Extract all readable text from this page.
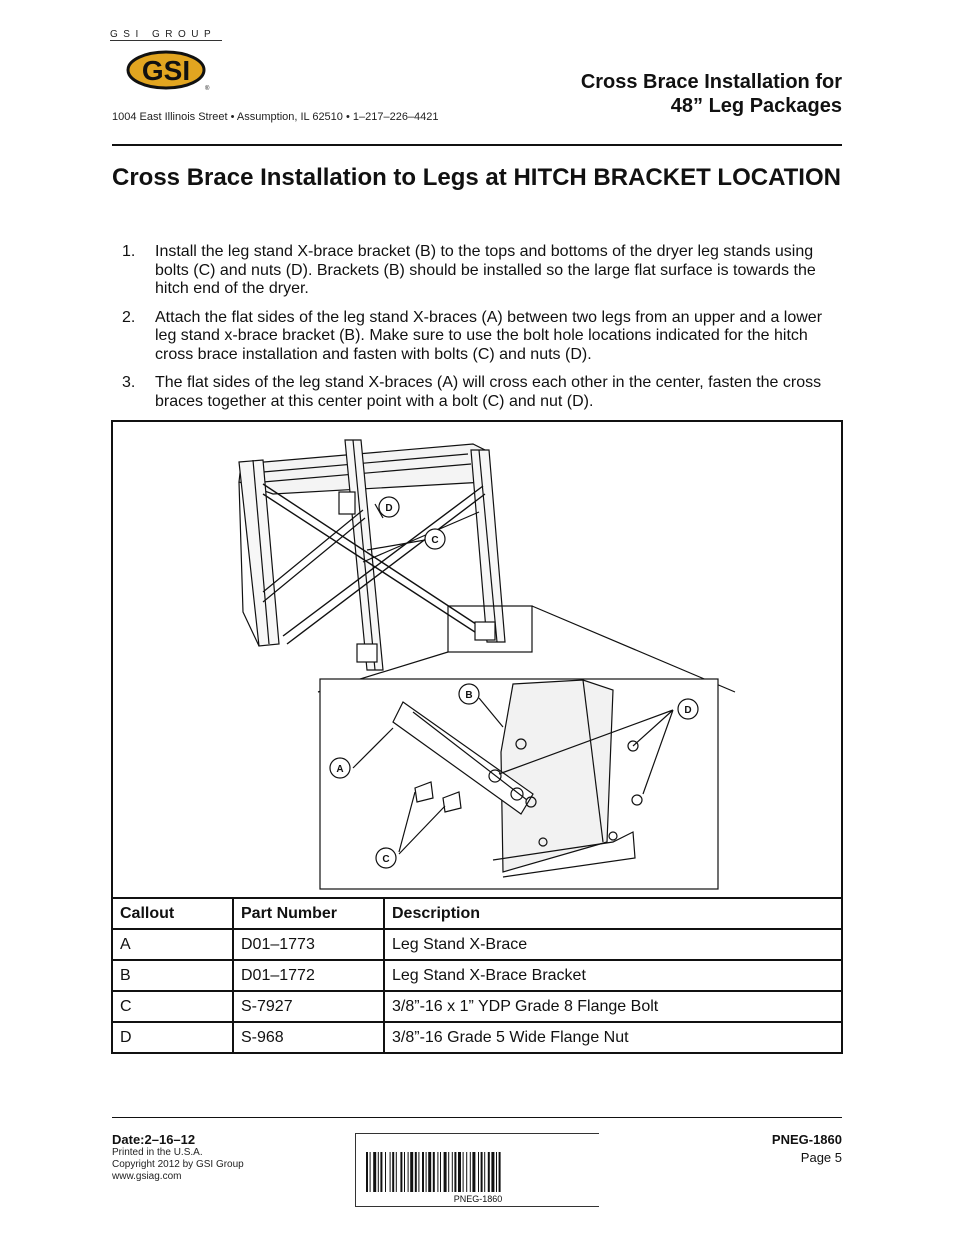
GSI GROUP
GSI
®
1004 East Illinois Street • Assumption, IL 62510 • 1–217–226–4421
Cross Brace Installation for
48” Leg Packages
Cross Brace Installation to Legs at HITCH BRACKET LOCATION
1. Install the leg stand X-brace bracket (B) to the tops and bottoms of the dryer leg stands using bolts (C) and nuts (D). Brackets (B) should be installed so the large flat surface is towards the hitch end of the dryer.
2. Attach the flat sides of the leg stand X-braces (A) between two legs from an upper and a lower leg stand x-brace bracket (B). Make sure to use the bolt hole locations indicated for the hitch cross brace installation and fasten with bolts (C) and nuts (D).
3. The flat sides of the leg stand X-braces (A) will cross each other in the center, fasten the cross braces together at this center point with a bolt (C) and nut (D).
D
C
B
D
A
C
Callout	Part Number	Description
A	D01–1773	Leg Stand X-Brace
B	D01–1772	Leg Stand X-Brace Bracket
C	S-7927	3/8”-16 x 1” YDP Grade 8 Flange Bolt
D	S-968	3/8”-16 Grade 5 Wide Flange Nut
Date:2–16–12
Printed in the U.S.A.
Copyright 2012 by GSI Group
www.gsiag.com
PNEG-1860
PNEG-1860
Page 5
